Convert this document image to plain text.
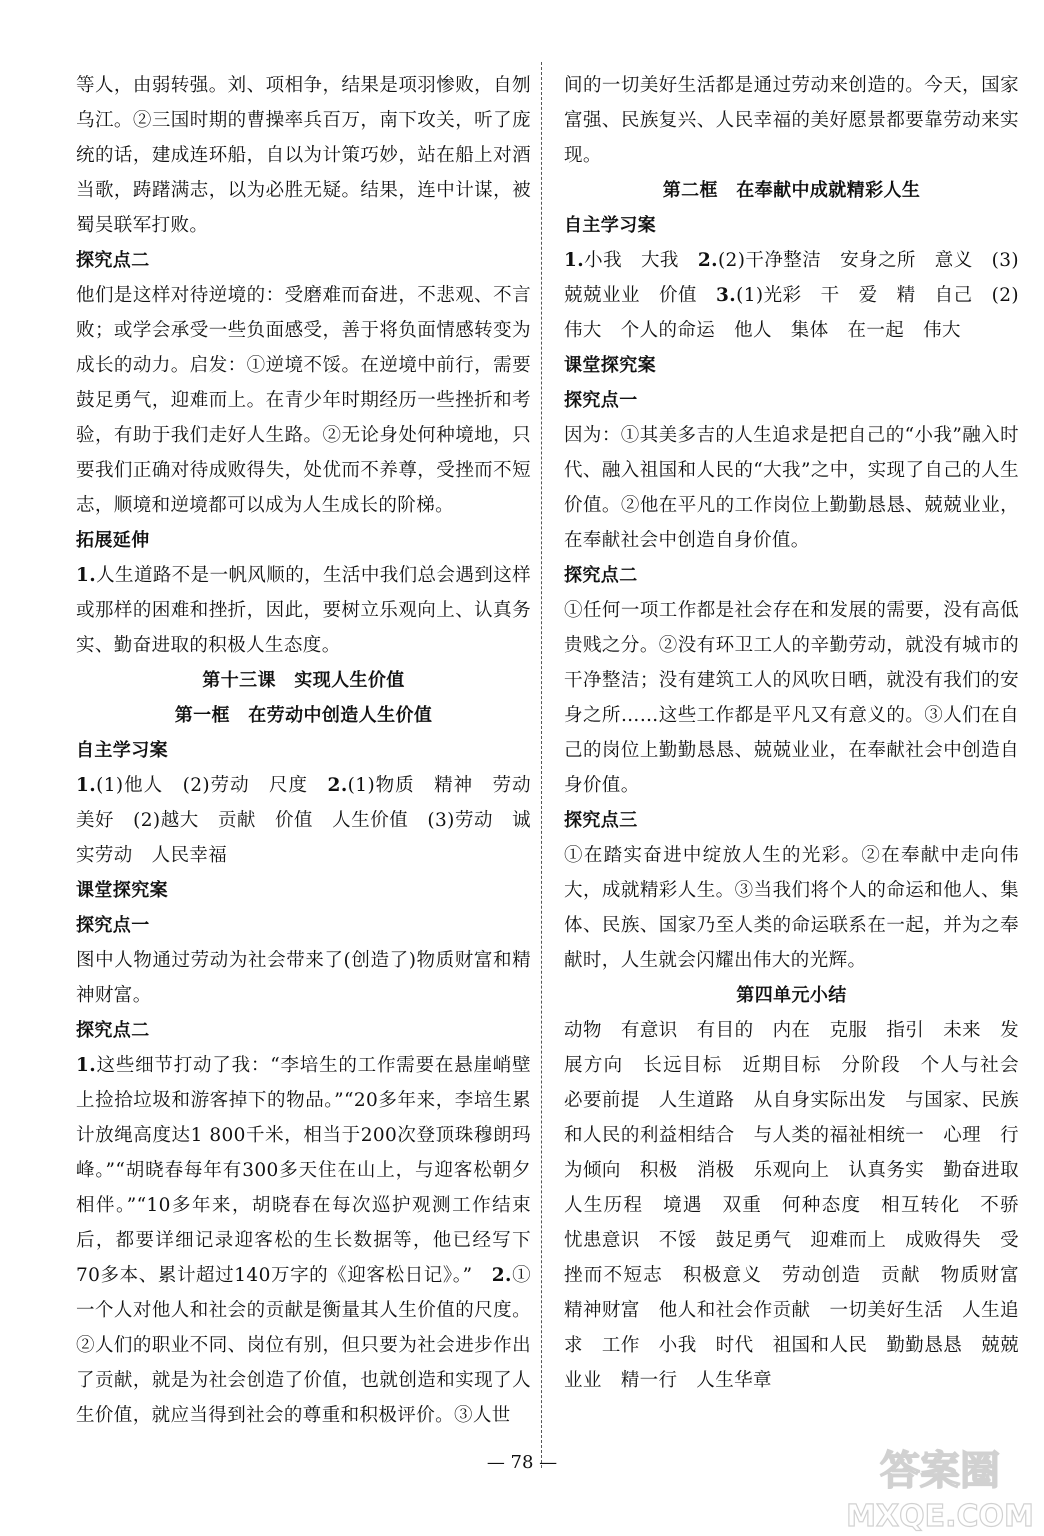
等人，由弱转强。刘、项相争，结果是项羽惨败，自刎乌江。②三国时期的曹操率兵百万，南下攻关，听了庞统的话，建成连环船，自以为计策巧妙，站在船上对酒当歌，踌躇满志，以为必胜无疑。结果，连中计谋，被蜀吴联军打败。

探究点二

他们是这样对待逆境的：受磨难而奋进，不悲观、不言败；或学会承受一些负面感受，善于将负面情感转变为成长的动力。启发：①逆境不馁。在逆境中前行，需要鼓足勇气，迎难而上。在青少年时期经历一些挫折和考验，有助于我们走好人生路。②无论身处何种境地，只要我们正确对待成败得失，处优而不养尊，受挫而不短志，顺境和逆境都可以成为人生成长的阶梯。

拓展延伸

1.人生道路不是一帆风顺的，生活中我们总会遇到这样或那样的困难和挫折，因此，要树立乐观向上、认真务实、勤奋进取的积极人生态度。

第十三课　实现人生价值

第一框　在劳动中创造人生价值

自主学习案

1.(1)他人　(2)劳动　尺度　2.(1)物质　精神　劳动　美好　(2)越大　贡献　价值　人生价值　(3)劳动　诚实劳动　人民幸福

课堂探究案

探究点一

图中人物通过劳动为社会带来了(创造了)物质财富和精神财富。

探究点二

1.这些细节打动了我：“李培生的工作需要在悬崖峭壁上捡拾垃圾和游客掉下的物品。”“20多年来，李培生累计放绳高度达1 800千米，相当于200次登顶珠穆朗玛峰。”“胡晓春每年有300多天住在山上，与迎客松朝夕相伴。”“10多年来，胡晓春在每次巡护观测工作结束后，都要详细记录迎客松的生长数据等，他已经写下70多本、累计超过140万字的《迎客松日记》。”　2.①一个人对他人和社会的贡献是衡量其人生价值的尺度。②人们的职业不同、岗位有别，但只要为社会进步作出了贡献，就是为社会创造了价值，也就创造和实现了人生价值，就应当得到社会的尊重和积极评价。③人世

间的一切美好生活都是通过劳动来创造的。今天，国家富强、民族复兴、人民幸福的美好愿景都要靠劳动来实现。

第二框　在奉献中成就精彩人生

自主学习案

1.小我　大我　2.(2)干净整洁　安身之所　意义　(3)兢兢业业　价值　3.(1)光彩　干　爱　精　自己　(2)伟大　个人的命运　他人　集体　在一起　伟大

课堂探究案

探究点一

因为：①其美多吉的人生追求是把自己的“小我”融入时代、融入祖国和人民的“大我”之中，实现了自己的人生价值。②他在平凡的工作岗位上勤勤恳恳、兢兢业业，在奉献社会中创造自身价值。

探究点二

①任何一项工作都是社会存在和发展的需要，没有高低贵贱之分。②没有环卫工人的辛勤劳动，就没有城市的干净整洁；没有建筑工人的风吹日晒，就没有我们的安身之所……这些工作都是平凡又有意义的。③人们在自己的岗位上勤勤恳恳、兢兢业业，在奉献社会中创造自身价值。

探究点三

①在踏实奋进中绽放人生的光彩。②在奉献中走向伟大，成就精彩人生。③当我们将个人的命运和他人、集体、民族、国家乃至人类的命运联系在一起，并为之奉献时，人生就会闪耀出伟大的光辉。

第四单元小结

动物　有意识　有目的　内在　克服　指引　未来　发展方向　长远目标　近期目标　分阶段　个人与社会　必要前提　人生道路　从自身实际出发　与国家、民族和人民的利益相结合　与人类的福祉相统一　心理　行为倾向　积极　消极　乐观向上　认真务实　勤奋进取　人生历程　境遇　双重　何种态度　相互转化　不骄　忧患意识　不馁　鼓足勇气　迎难而上　成败得失　受挫而不短志　积极意义　劳动创造　贡献　物质财富　精神财富　他人和社会作贡献　一切美好生活　人生追求　工作　小我　时代　祖国和人民　勤勤恳恳　兢兢业业　精一行　人生华章

— 78 —	答案圈
MXQE.COM
